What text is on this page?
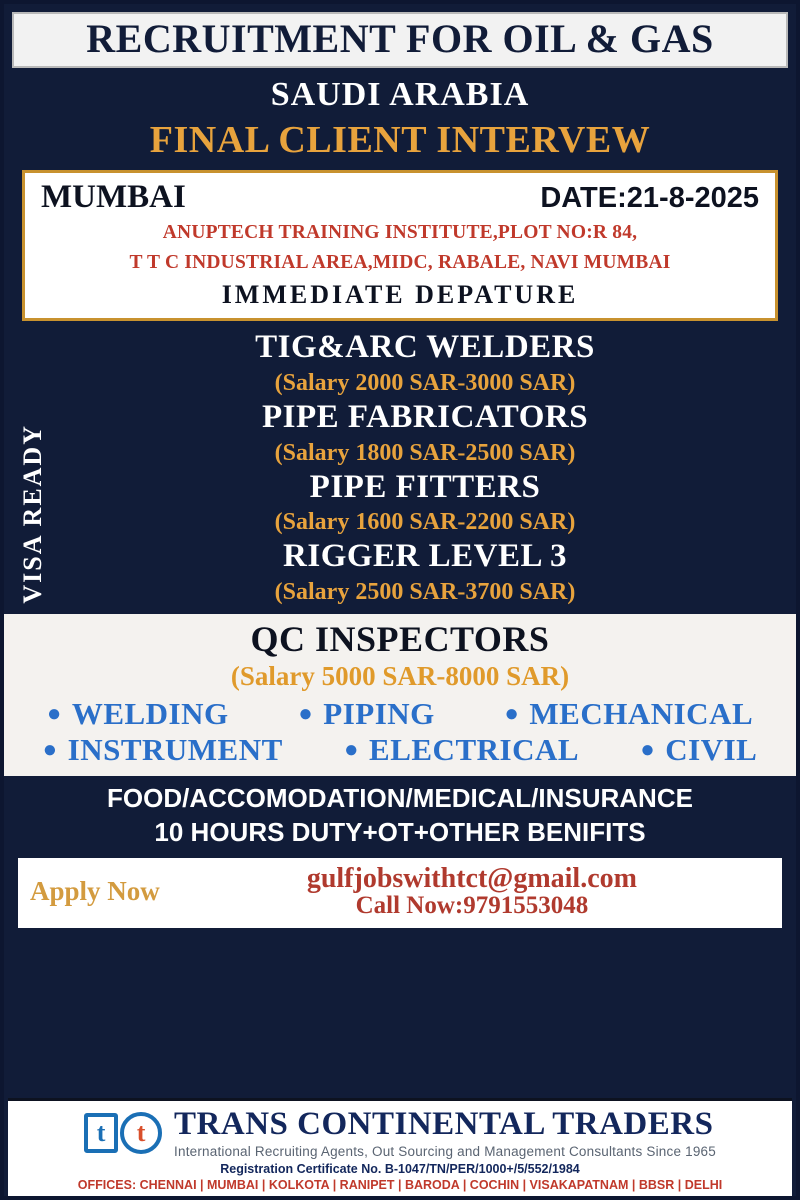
RECRUITMENT FOR OIL & GAS
SAUDI ARABIA
FINAL CLIENT INTERVEW
MUMBAI	DATE:21-8-2025
ANUPTECH TRAINING INSTITUTE,PLOT NO:R 84,
T T C INDUSTRIAL AREA,MIDC, RABALE, NAVI MUMBAI
IMMEDIATE DEPATURE
VISA READY
TIG&ARC WELDERS
(Salary 2000 SAR-3000 SAR)
PIPE FABRICATORS
(Salary 1800 SAR-2500 SAR)
PIPE FITTERS
(Salary 1600 SAR-2200 SAR)
RIGGER LEVEL 3
(Salary 2500 SAR-3700 SAR)
QC INSPECTORS
(Salary 5000 SAR-8000 SAR)
● WELDING	● PIPING	● MECHANICAL
● INSTRUMENT	● ELECTRICAL	● CIVIL
FOOD/ACCOMODATION/MEDICAL/INSURANCE
10 HOURS DUTY+OT+OTHER BENIFITS
Apply Now	gulfjobswithtct@gmail.com
Call Now:9791553048
t	t TRANS CONTINENTAL TRADERS
International Recruiting Agents, Out Sourcing and Management Consultants Since 1965
Registration Certificate No. B-1047/TN/PER/1000+/5/552/1984
OFFICES: CHENNAI | MUMBAI | KOLKOTA | RANIPET | BARODA | COCHIN | VISAKAPATNAM | BBSR | DELHI
